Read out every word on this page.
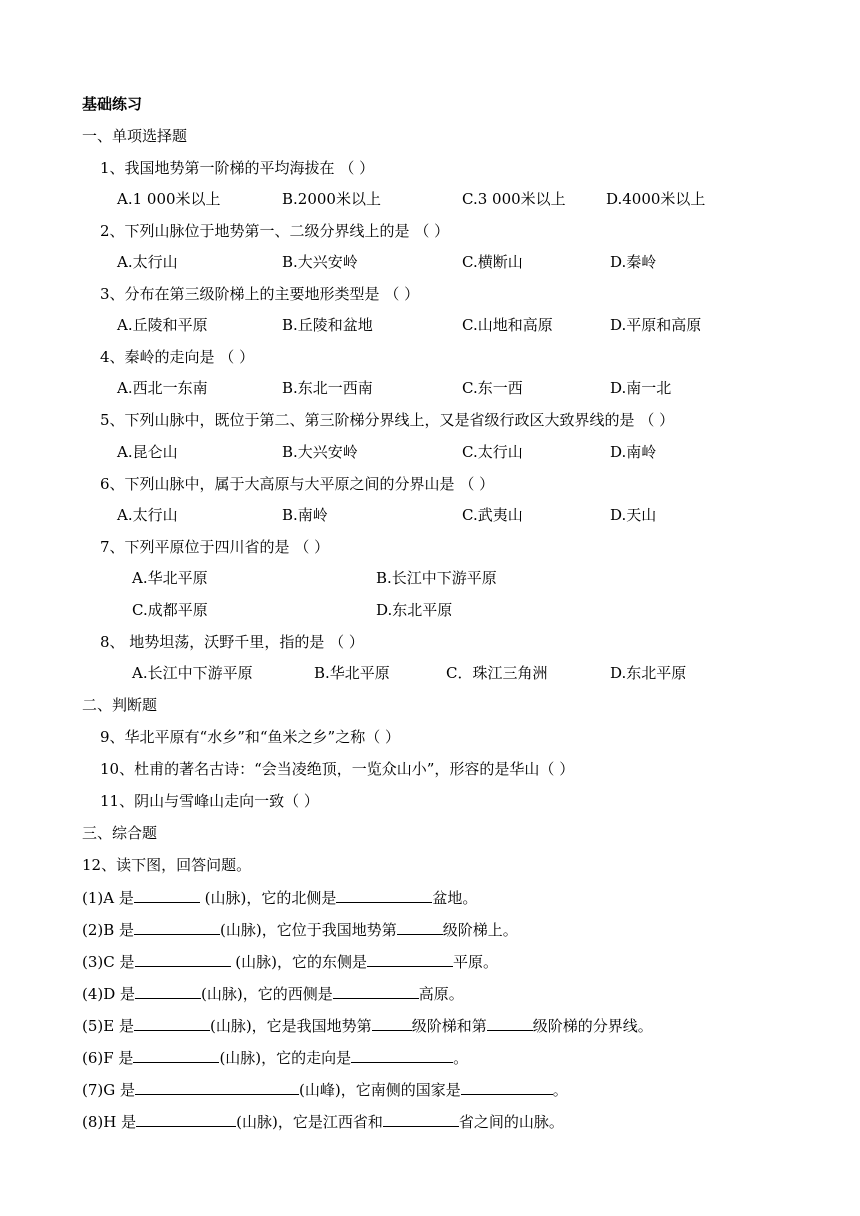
基础练习
一、单项选择题
1、我国地势第一阶梯的平均海拔在 （ ）
A.1 000米以上	B.2000米以上	C.3 000米以上	D.4000米以上
2、下列山脉位于地势第一、二级分界线上的是 （ ）
A.太行山	B.大兴安岭	C.横断山	D.秦岭
3、分布在第三级阶梯上的主要地形类型是 （ ）
A.丘陵和平原	B.丘陵和盆地	C.山地和高原	D.平原和高原
4、秦岭的走向是 （ ）
A.西北一东南	B.东北一西南	C.东一西	D.南一北
5、下列山脉中，既位于第二、第三阶梯分界线上，又是省级行政区大致界线的是 （ ）
A.昆仑山	B.大兴安岭	C.太行山	D.南岭
6、下列山脉中，属于大高原与大平原之间的分界山是 （ ）
A.太行山	B.南岭	C.武夷山	D.天山
7、下列平原位于四川省的是 （ ）
A.华北平原	B.长江中下游平原
C.成都平原	D.东北平原
8、 地势坦荡，沃野千里，指的是 （ ）
A.长江中下游平原	B.华北平原	C．珠江三角洲	D.东北平原
二、判断题
9、华北平原有“水乡”和“鱼米之乡”之称（ ）
10、杜甫的著名古诗：“会当凌绝顶，一览众山小”，形容的是华山（ ）
11、阴山与雪峰山走向一致（ ）
三、综合题
12、读下图，回答问题。
(1)A 是	(山脉)，它的北侧是	盆地。
(2)B 是	(山脉)，它位于我国地势第	级阶梯上。
(3)C 是	(山脉)，它的东侧是	平原。
(4)D 是	(山脉)，它的西侧是	高原。
(5)E 是	(山脉)，它是我国地势第	级阶梯和第	级阶梯的分界线。
(6)F 是	(山脉)，它的走向是	。
(7)G 是	(山峰)，它南侧的国家是	。
(8)H 是	(山脉)，它是江西省和	省之间的山脉。
